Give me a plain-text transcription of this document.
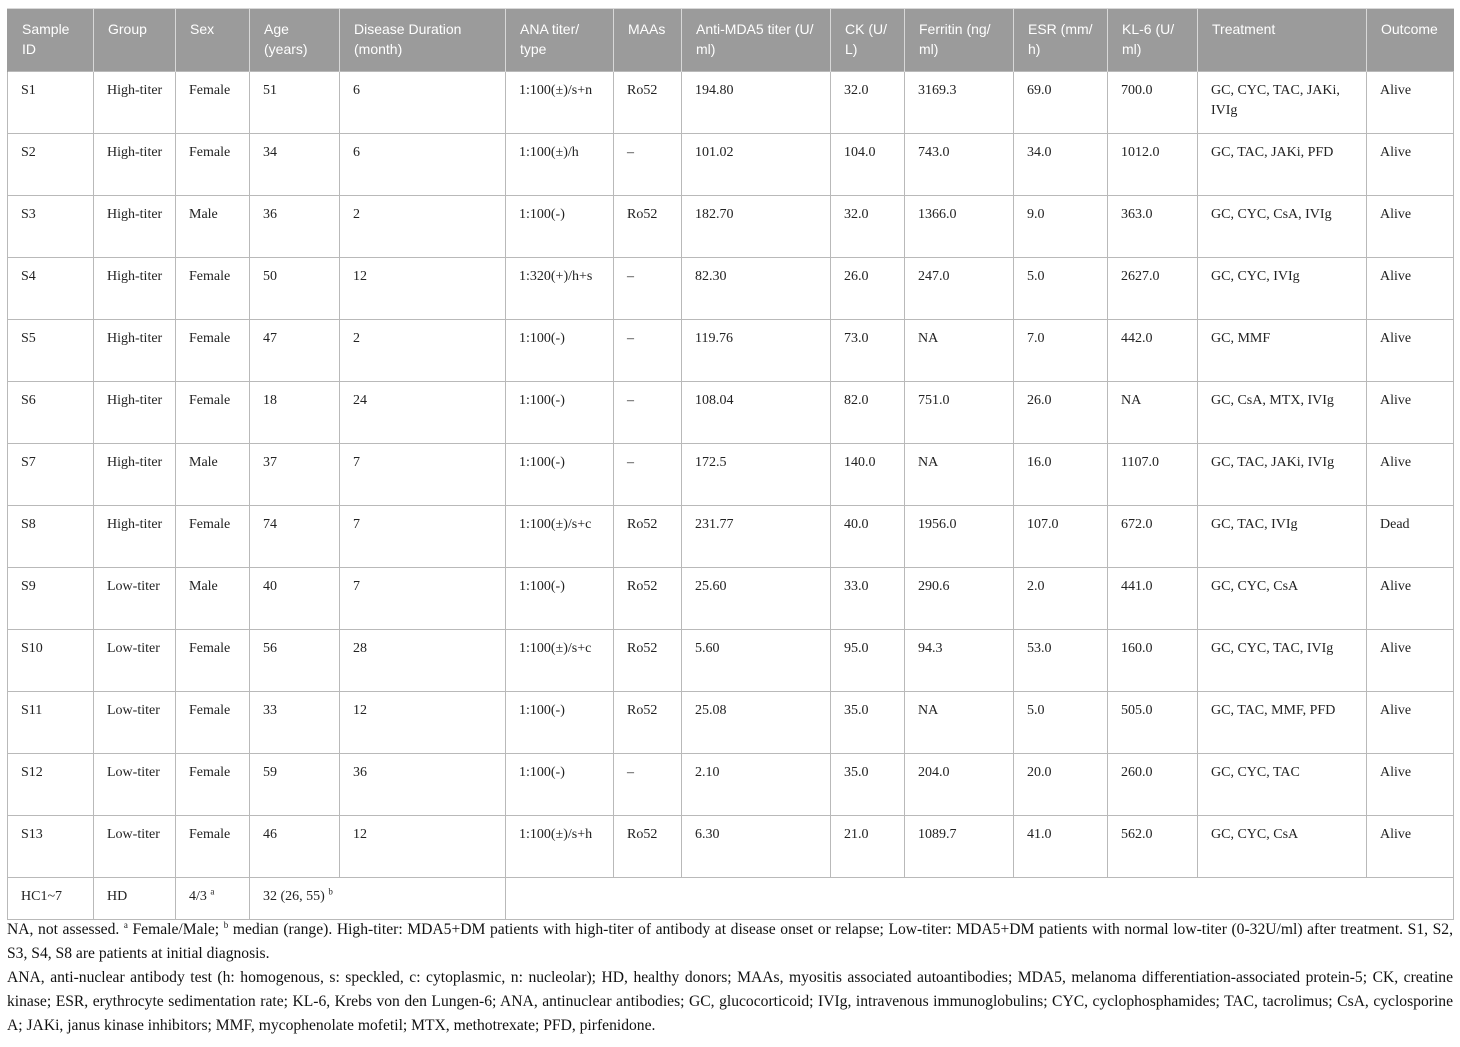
Sample ID	Group	Sex	Age (years)	Disease Duration (month)	ANA titer/ type	MAAs	Anti-MDA5 titer (U/ ml)	CK (U/ L)	Ferritin (ng/ ml)	ESR (mm/ h)	KL-6 (U/ ml)	Treatment	Outcome
S1	High-titer	Female	51	6	1:100(±)/s+n	Ro52	194.80	32.0	3169.3	69.0	700.0	GC, CYC, TAC, JAKi, IVIg	Alive
S2	High-titer	Female	34	6	1:100(±)/h	–	101.02	104.0	743.0	34.0	1012.0	GC, TAC, JAKi, PFD	Alive
S3	High-titer	Male	36	2	1:100(-)	Ro52	182.70	32.0	1366.0	9.0	363.0	GC, CYC, CsA, IVIg	Alive
S4	High-titer	Female	50	12	1:320(+)/h+s	–	82.30	26.0	247.0	5.0	2627.0	GC, CYC, IVIg	Alive
S5	High-titer	Female	47	2	1:100(-)	–	119.76	73.0	NA	7.0	442.0	GC, MMF	Alive
S6	High-titer	Female	18	24	1:100(-)	–	108.04	82.0	751.0	26.0	NA	GC, CsA, MTX, IVIg	Alive
S7	High-titer	Male	37	7	1:100(-)	–	172.5	140.0	NA	16.0	1107.0	GC, TAC, JAKi, IVIg	Alive
S8	High-titer	Female	74	7	1:100(±)/s+c	Ro52	231.77	40.0	1956.0	107.0	672.0	GC, TAC, IVIg	Dead
S9	Low-titer	Male	40	7	1:100(-)	Ro52	25.60	33.0	290.6	2.0	441.0	GC, CYC, CsA	Alive
S10	Low-titer	Female	56	28	1:100(±)/s+c	Ro52	5.60	95.0	94.3	53.0	160.0	GC, CYC, TAC, IVIg	Alive
S11	Low-titer	Female	33	12	1:100(-)	Ro52	25.08	35.0	NA	5.0	505.0	GC, TAC, MMF, PFD	Alive
S12	Low-titer	Female	59	36	1:100(-)	–	2.10	35.0	204.0	20.0	260.0	GC, CYC, TAC	Alive
S13	Low-titer	Female	46	12	1:100(±)/s+h	Ro52	6.30	21.0	1089.7	41.0	562.0	GC, CYC, CsA	Alive
HC1~7	HD	4/3 $^a$	32 (26, 55) $^b$	

NA, not assessed. $^a$ Female/Male; $^b$ median (range). High-titer: MDA5+DM patients with high-titer of antibody at disease onset or relapse; Low-titer: MDA5+DM patients with normal low-titer (0-32U/ml) after treatment. S1, S2, S3, S4, S8 are patients at initial diagnosis.

ANA, anti-nuclear antibody test (h: homogenous, s: speckled, c: cytoplasmic, n: nucleolar); HD, healthy donors; MAAs, myositis associated autoantibodies; MDA5, melanoma differentiation-associated protein-5; CK, creatine kinase; ESR, erythrocyte sedimentation rate; KL-6, Krebs von den Lungen-6; ANA, antinuclear antibodies; GC, glucocorticoid; IVIg, intravenous immunoglobulins; CYC, cyclophosphamides; TAC, tacrolimus; CsA, cyclosporine A; JAKi, janus kinase inhibitors; MMF, mycophenolate mofetil; MTX, methotrexate; PFD, pirfenidone.
